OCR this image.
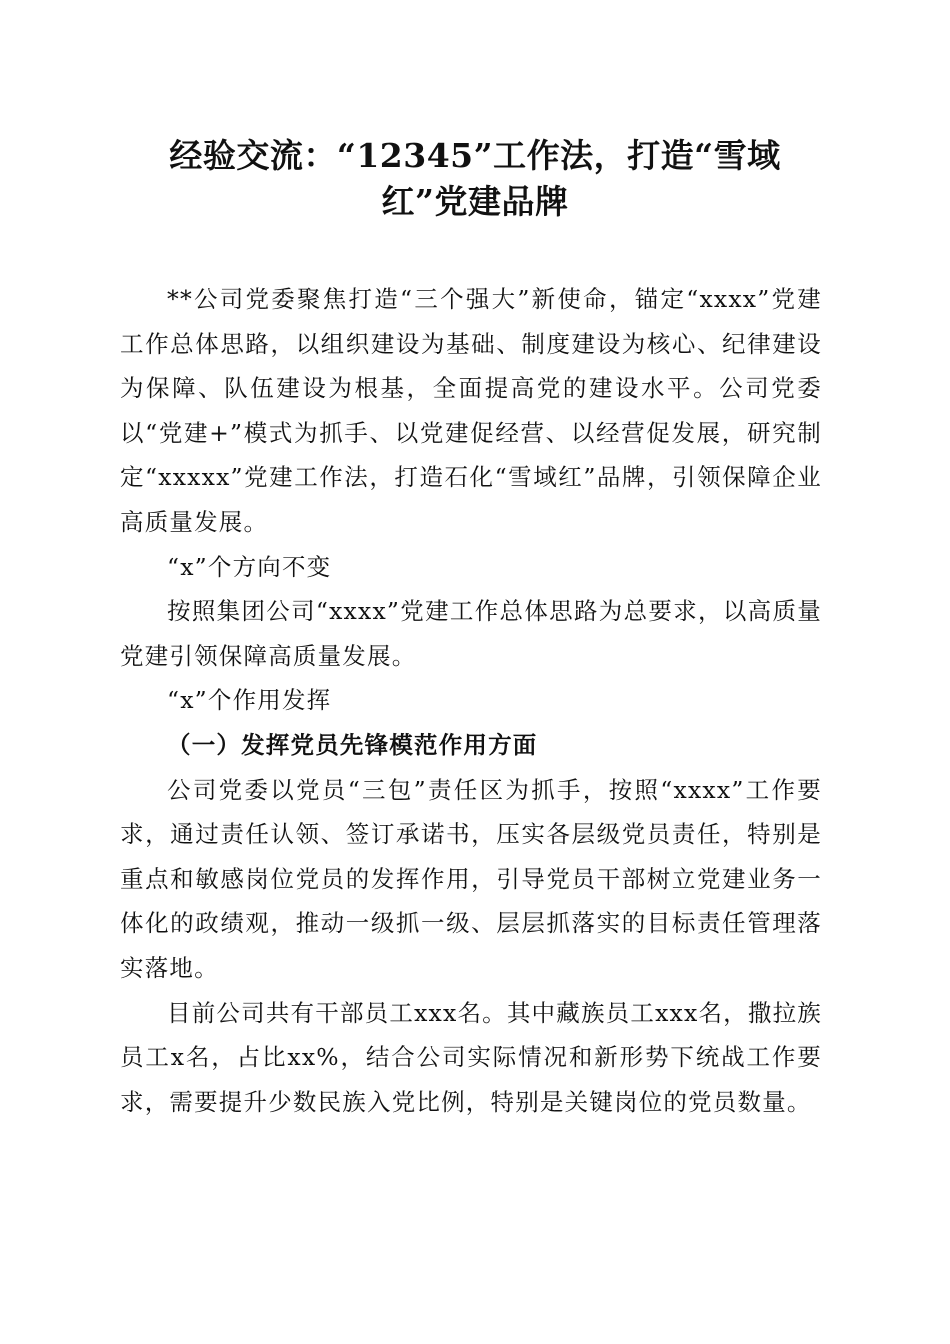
经验交流：“12345”工作法，打造“雪域
红”党建品牌

**公司党委聚焦打造“三个强大”新使命，锚定“xxxx”党建工作总体思路，以组织建设为基础、制度建设为核心、纪律建设为保障、队伍建设为根基，全面提高党的建设水平。公司党委以“党建+”模式为抓手、以党建促经营、以经营促发展，研究制定“xxxxx”党建工作法，打造石化“雪域红”品牌，引领保障企业高质量发展。

“x”个方向不变

按照集团公司“xxxx”党建工作总体思路为总要求，以高质量党建引领保障高质量发展。

“x”个作用发挥

（一）发挥党员先锋模范作用方面

公司党委以党员“三包”责任区为抓手，按照“xxxx”工作要求，通过责任认领、签订承诺书，压实各层级党员责任，特别是重点和敏感岗位党员的发挥作用，引导党员干部树立党建业务一体化的政绩观，推动一级抓一级、层层抓落实的目标责任管理落实落地。

目前公司共有干部员工xxx名。其中藏族员工xxx名，撒拉族员工x名，占比xx%，结合公司实际情况和新形势下统战工作要求，需要提升少数民族入党比例，特别是关键岗位的党员数量。
